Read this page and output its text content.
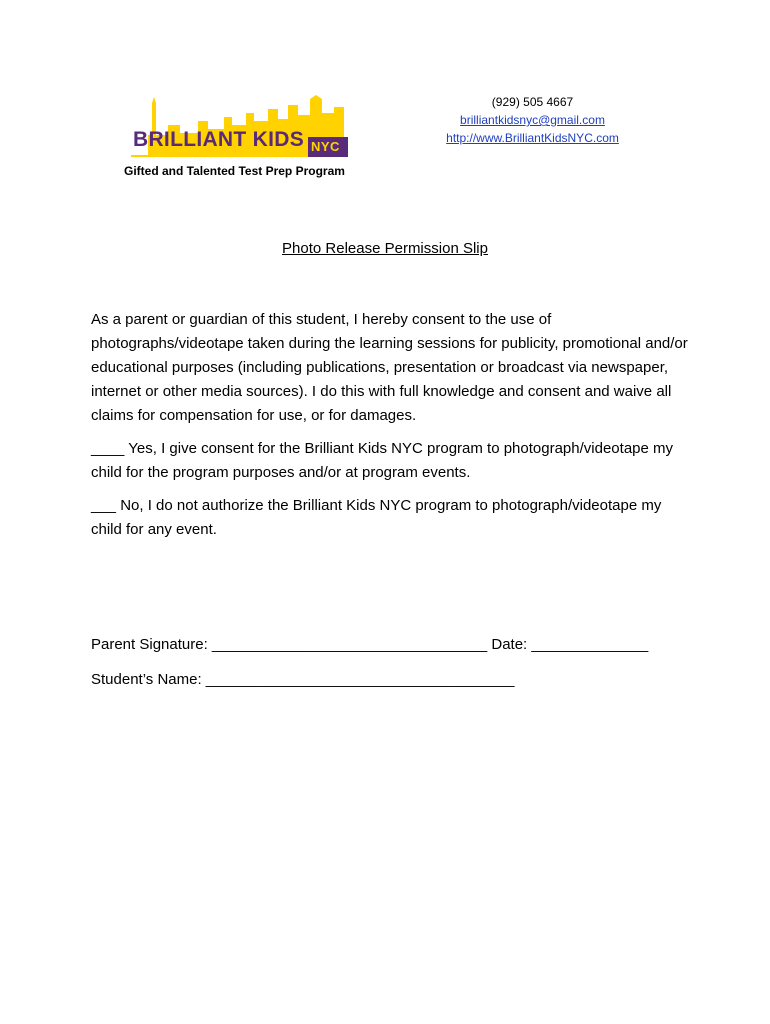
BRILLIANT KIDS NYC
Gifted and Talented Test Prep Program
(929) 505 4667
brilliantkidsnyc@gmail.com
http://www.BrilliantKidsNYC.com
Photo Release Permission Slip

As a parent or guardian of this student, I hereby consent to the use of photographs/videotape taken during the learning sessions for publicity, promotional and/or educational purposes (including publications, presentation or broadcast via newspaper, internet or other media sources). I do this with full knowledge and consent and waive all claims for compensation for use, or for damages.

____ Yes, I give consent for the Brilliant Kids NYC program to photograph/videotape my child for the program purposes and/or at program events.

___ No, I do not authorize the Brilliant Kids NYC program to photograph/videotape my child for any event.

Parent Signature: _________________________________ Date: ______________
Student’s Name: _____________________________________
